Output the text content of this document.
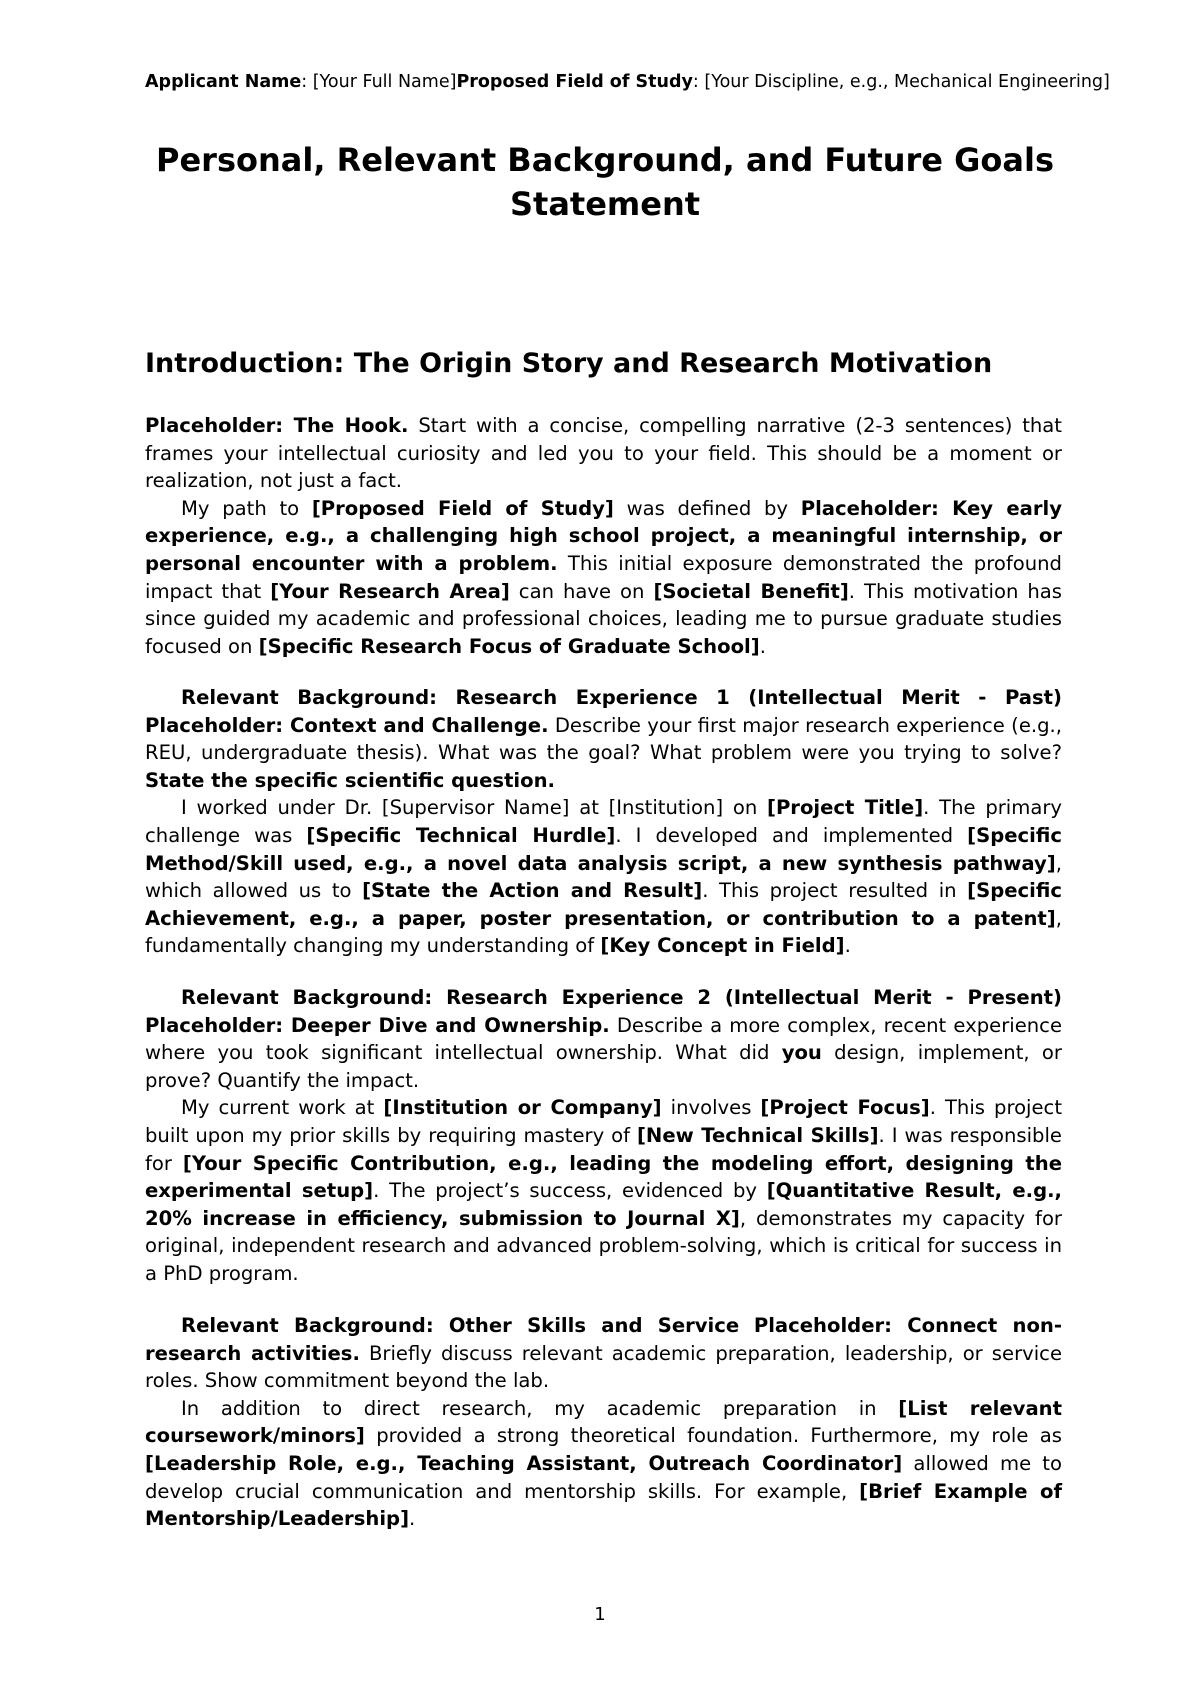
Applicant Name: [Your Full Name]Proposed Field of Study: [Your Discipline, e.g., Mechanical Engineering]
Personal, Relevant Background, and Future Goals
Statement
Introduction: The Origin Story and Research Motivation

Placeholder: The Hook. Start with a concise, compelling narrative (2-3 sentences) that frames your intellectual curiosity and led you to your field. This should be a moment or realization, not just a fact.

My path to [Proposed Field of Study] was defined by Placeholder: Key early experience, e.g., a challenging high school project, a meaningful internship, or personal encounter with a problem. This initial exposure demonstrated the profound impact that [Your Research Area] can have on [Societal Benefit]. This motivation has since guided my academic and professional choices, leading me to pursue graduate studies focused on [Specific Research Focus of Graduate School].

Relevant Background: Research Experience 1 (Intellectual Merit - Past) Placeholder: Context and Challenge. Describe your first major research experience (e.g., REU, undergraduate thesis). What was the goal? What problem were you trying to solve? State the specific scientific question.

I worked under Dr. [Supervisor Name] at [Institution] on [Project Title]. The primary challenge was [Specific Technical Hurdle]. I developed and implemented [Specific Method/Skill used, e.g., a novel data analysis script, a new synthesis pathway], which allowed us to [State the Action and Result]. This project resulted in [Specific Achievement, e.g., a paper, poster presentation, or contribution to a patent], fundamentally changing my understanding of [Key Concept in Field].

Relevant Background: Research Experience 2 (Intellectual Merit - Present) Placeholder: Deeper Dive and Ownership. Describe a more complex, recent experience where you took significant intellectual ownership. What did you design, implement, or prove? Quantify the impact.

My current work at [Institution or Company] involves [Project Focus]. This project built upon my prior skills by requiring mastery of [New Technical Skills]. I was responsible for [Your Specific Contribution, e.g., leading the modeling effort, designing the experimental setup]. The project’s success, evidenced by [Quantitative Result, e.g., 20% increase in efficiency, submission to Journal X], demonstrates my capacity for original, independent research and advanced problem-solving, which is critical for success in a PhD program.

Relevant Background: Other Skills and Service Placeholder: Connect non-research activities. Briefly discuss relevant academic preparation, leadership, or service roles. Show commitment beyond the lab.

In addition to direct research, my academic preparation in [List relevant coursework/minors] provided a strong theoretical foundation. Furthermore, my role as [Leadership Role, e.g., Teaching Assistant, Outreach Coordinator] allowed me to develop crucial communication and mentorship skills. For example, [Brief Example of Mentorship/Leadership].

1
